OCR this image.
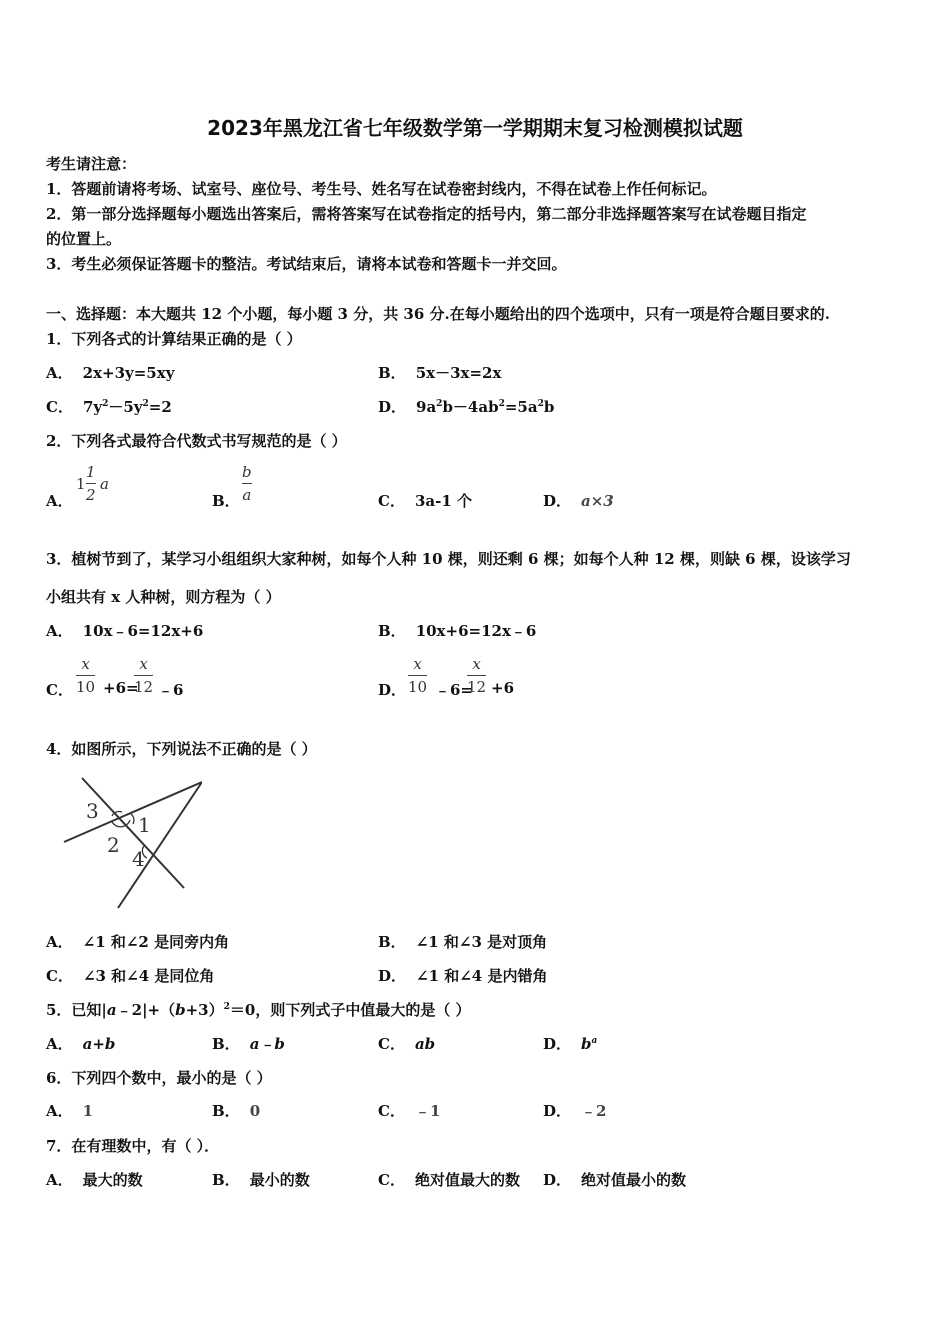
2023年黑龙江省七年级数学第一学期期末复习检测模拟试题
考生请注意：
1．答题前请将考场、试室号、座位号、考生号、姓名写在试卷密封线内，不得在试卷上作任何标记。
2．第一部分选择题每小题选出答案后，需将答案写在试卷指定的括号内，第二部分非选择题答案写在试卷题目指定
的位置上。
3．考生必须保证答题卡的整洁。考试结束后，请将本试卷和答题卡一并交回。
一、选择题：本大题共 12 个小题，每小题 3 分，共 36 分.在每小题给出的四个选项中，只有一项是符合题目要求的.
1．下列各式的计算结果正确的是（ ）
A． 2x+3y=5xy	B． 5x－3x=2x
C． $7y^2-5y^2=2$	D． $9a^2b-4ab^2=5a^2b$
2．下列各式最符合代数式书写规范的是（ ）
A．
1
1
2
a
B．
b
a	C． 3a-1 个	D． a×3
3．植树节到了，某学习小组组织大家种树，如每个人种 10 棵，则还剩 6 棵；如每个人种 12 棵，则缺 6 棵，设该学习
小组共有 x 人种树，则方程为（ ）
A． 10x﹣6=12x+6	B． 10x+6=12x﹣6
C．
x
10 +6=
x
12 ﹣6	D．
x
10 ﹣6=
x
12 +6
4．如图所示，下列说法不正确的是（ ）
3
1
2
4
A． ∠1 和∠2 是同旁内角	B． ∠1 和∠3 是对顶角
C． ∠3 和∠4 是同位角	D． ∠1 和∠4 是内错角
5．已知$|a﹣2|+(b+3)^2=0$，则下列式子中值最大的是（ ）
A． a+b	B． a﹣b	C． ab	D． $b^a$
6．下列四个数中，最小的是（ ）
A． 1	B． 0	C． ﹣1	D． ﹣2
7．在有理数中，有（ ）．
A． 最大的数	B． 最小的数	C． 绝对值最大的数 D． 绝对值最小的数
